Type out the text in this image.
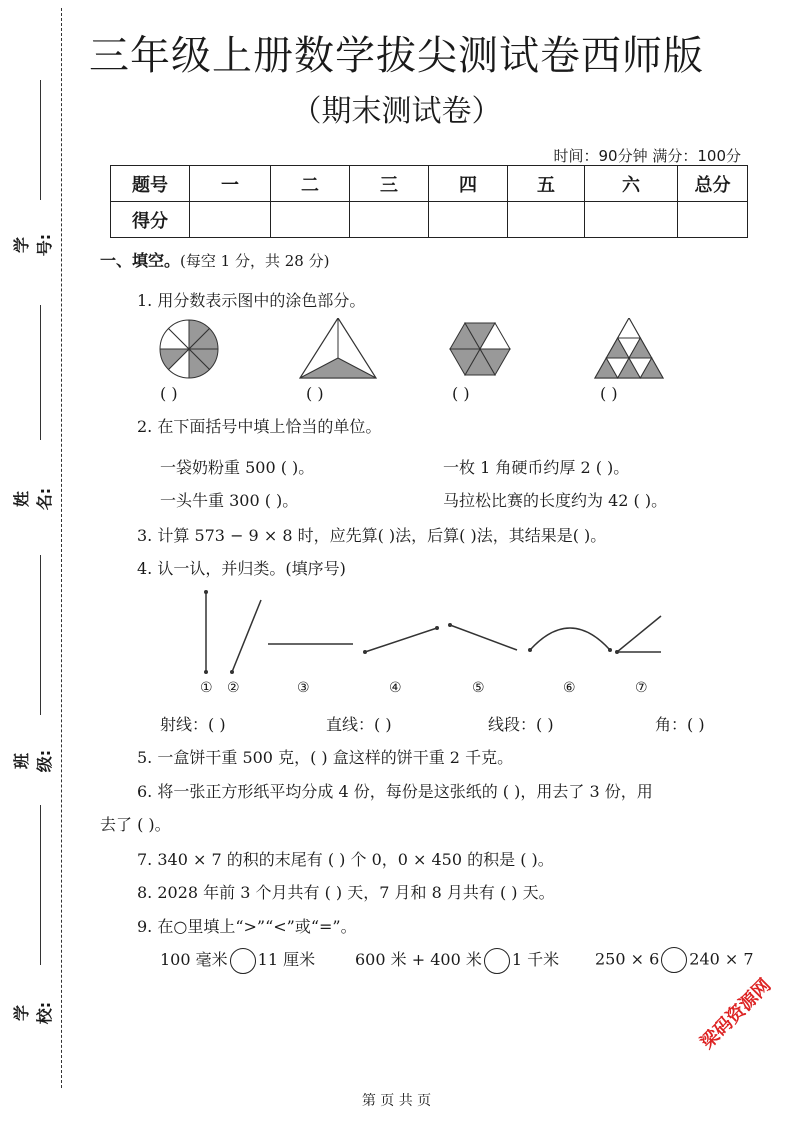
学号:
姓名:
班级:
学校:
三年级上册数学拔尖测试卷西师版
（期末测试卷）
时间：90分钟 满分：100分
题号	一	二	三	四	五	六	总分
得分							
一、填空。(每空 1 分，共 28 分)
1. 用分数表示图中的涂色部分。
( )	( )	( )	( )
2. 在下面括号中填上恰当的单位。
一袋奶粉重 500 ( )。	一枚 1 角硬币约厚 2 ( )。
一头牛重 300 ( )。	马拉松比赛的长度约为 42 ( )。
3. 计算 573 − 9 × 8 时，应先算( )法，后算( )法，其结果是( )。
4. 认一认，并归类。(填序号)
① ②	③	④	⑤	⑥	⑦
射线：( )	直线：( )	线段：( )	角：( )
5. 一盒饼干重 500 克，( ) 盒这样的饼干重 2 千克。
6. 将一张正方形纸平均分成 4 份，每份是这张纸的 ( )，用去了 3 份，用
去了 ( )。
7. 340 × 7 的积的末尾有 ( ) 个 0，0 × 450 的积是 ( )。
8. 2028 年前 3 个月共有 ( ) 天，7 月和 8 月共有 ( ) 天。
9. 在○里填上“>”“<”或“=”。
100 毫米 11 厘米 600 米 + 400 米 1 千米 250 × 6 240 × 7
梁码资源网
第 页 共 页
